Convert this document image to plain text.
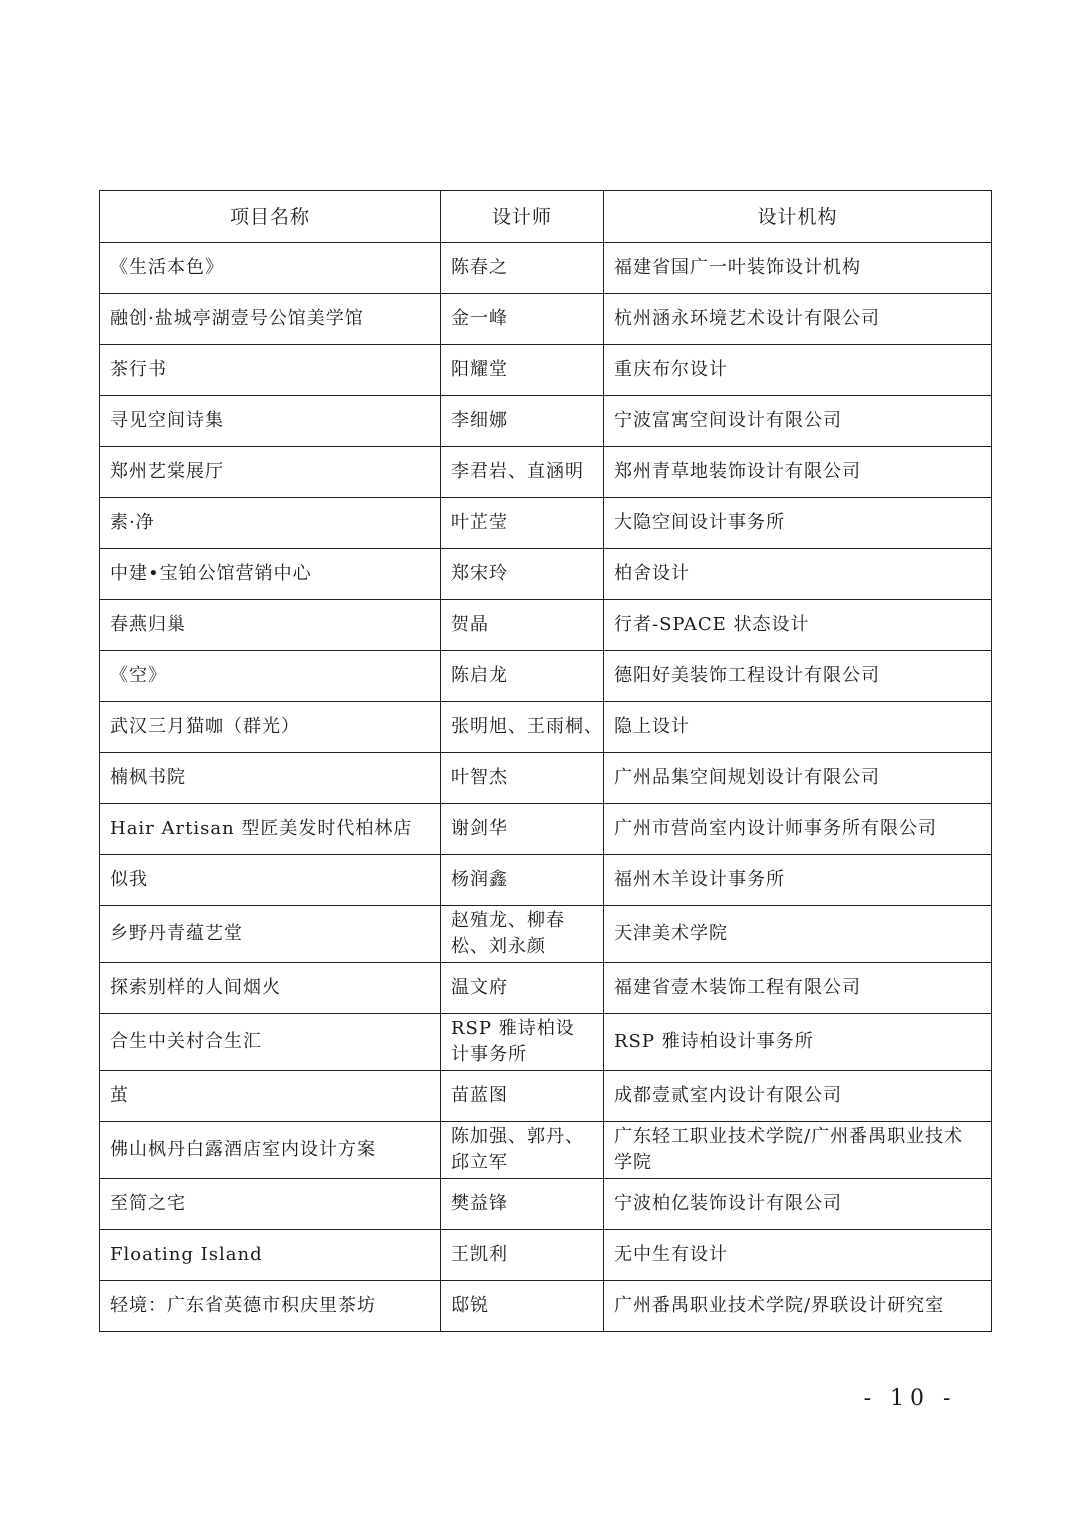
项目名称	设计师	设计机构
《生活本色》	陈春之	福建省国广一叶装饰设计机构
融创·盐城亭湖壹号公馆美学馆	金一峰	杭州涵永环境艺术设计有限公司
茶行书	阳耀堂	重庆布尔设计
寻见空间诗集	李细娜	宁波富寓空间设计有限公司
郑州艺棠展厅	李君岩、直涵明	郑州青草地装饰设计有限公司
素·净	叶芷莹	大隐空间设计事务所
中建•宝铂公馆营销中心	郑宋玲	柏舍设计
春燕归巢	贺晶	行者-SPACE 状态设计
《空》	陈启龙	德阳好美装饰工程设计有限公司
武汉三月猫咖（群光）	张明旭、王雨桐、	隐上设计
楠枫书院	叶智杰	广州品集空间规划设计有限公司
Hair Artisan 型匠美发时代柏林店	谢剑华	广州市营尚室内设计师事务所有限公司
似我	杨润鑫	福州木羊设计事务所
乡野丹青蕴艺堂	赵殖龙、柳春松、刘永颜	天津美术学院
探索别样的人间烟火	温文府	福建省壹木装饰工程有限公司
合生中关村合生汇	RSP 雅诗柏设计事务所	RSP 雅诗柏设计事务所
茧	苗蓝图	成都壹贰室内设计有限公司
佛山枫丹白露酒店室内设计方案	陈加强、郭丹、邱立军	广东轻工职业技术学院/广州番禺职业技术学院
至简之宅	樊益锋	宁波柏亿装饰设计有限公司
Floating Island	王凯利	无中生有设计
轻境：广东省英德市积庆里茶坊	邸锐	广州番禺职业技术学院/界联设计研究室
- 10 -
